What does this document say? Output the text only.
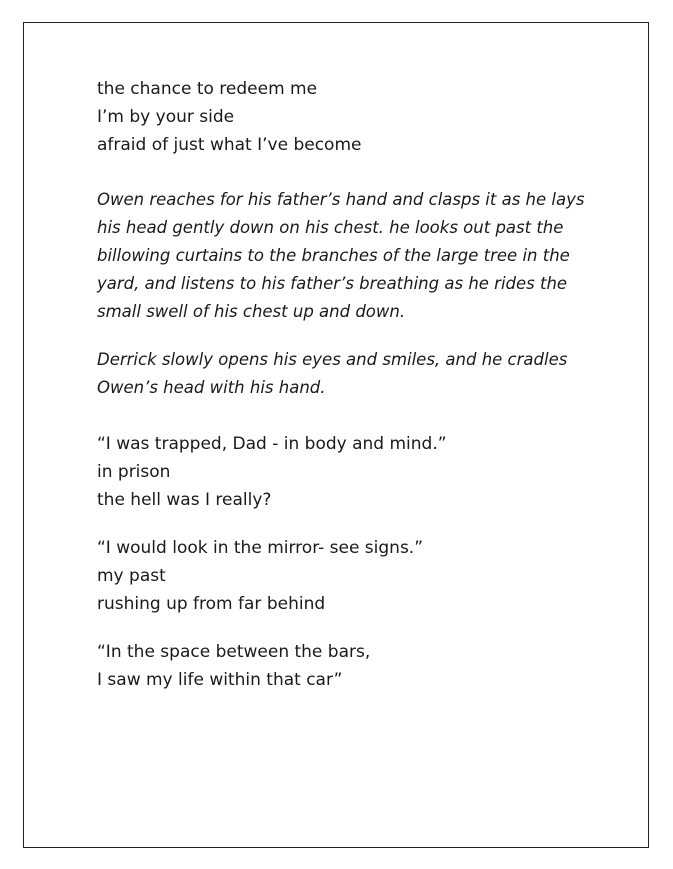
the chance to redeem me
I’m by your side
afraid of just what I’ve become
Owen reaches for his father’s hand and clasps it as he lays
his head gently down on his chest. he looks out past the
billowing curtains to the branches of the large tree in the
yard, and listens to his father’s breathing as he rides the
small swell of his chest up and down.
Derrick slowly opens his eyes and smiles, and he cradles
Owen’s head with his hand.
“I was trapped, Dad - in body and mind.”
in prison
the hell was I really?
“I would look in the mirror- see signs.”
my past
rushing up from far behind
“In the space between the bars,
I saw my life within that car”
